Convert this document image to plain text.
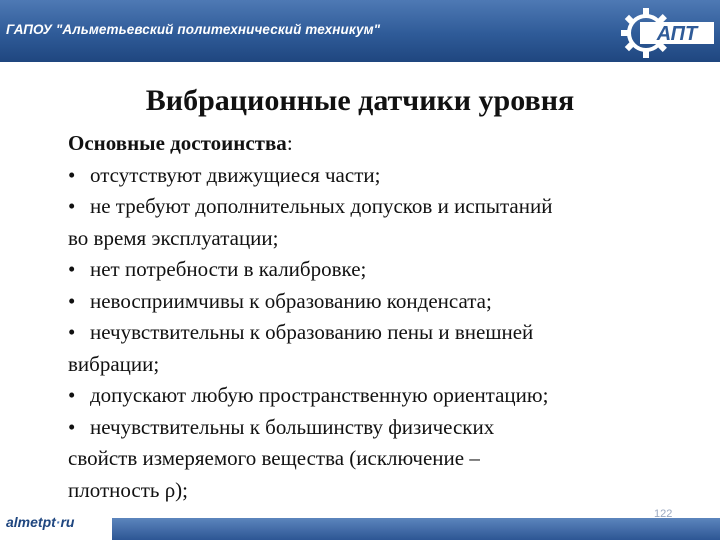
ГАПОУ "Альметьевский политехнический техникум"	АПТ
Вибрационные датчики уровня
Основные достоинства:
• отсутствуют движущиеся части;
• не требуют дополнительных допусков и испытаний
во время эксплуатации;
• нет потребности в калибровке;
• невосприимчивы к образованию конденсата;
• нечувствительны к образованию пены и внешней
вибрации;
• допускают любую пространственную ориентацию;
• нечувствительны к большинству физических
свойств измеряемого вещества (исключение –
плотность ρ);
almetpt·ru	122
